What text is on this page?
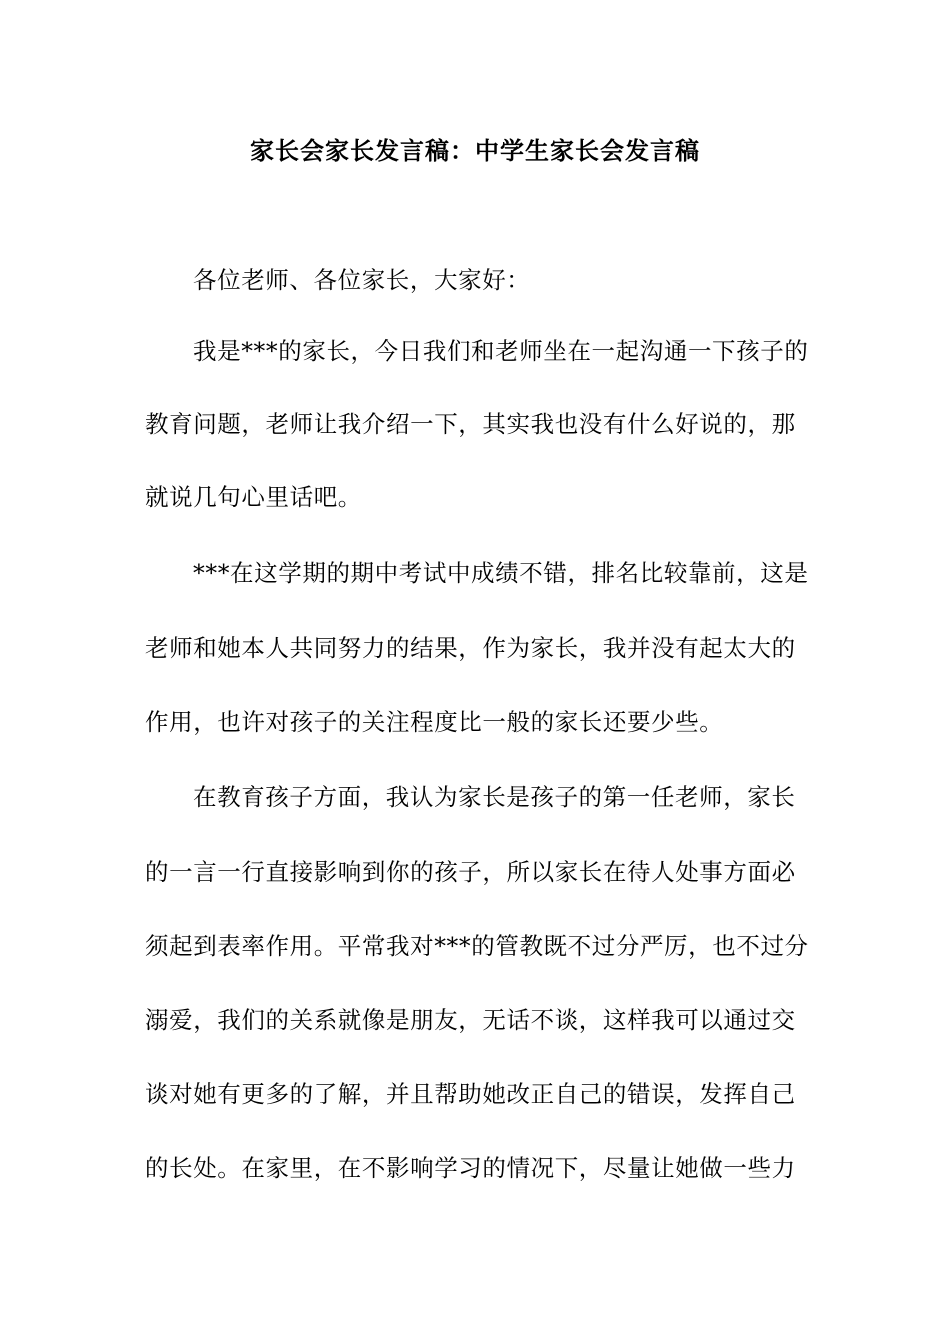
家长会家长发言稿：中学生家长会发言稿
各位老师、各位家长，大家好：
我是***的家长，今日我们和老师坐在一起沟通一下孩子的
教育问题，老师让我介绍一下，其实我也没有什么好说的，那
就说几句心里话吧。
***在这学期的期中考试中成绩不错，排名比较靠前，这是
老师和她本人共同努力的结果，作为家长，我并没有起太大的
作用，也许对孩子的关注程度比一般的家长还要少些。
在教育孩子方面，我认为家长是孩子的第一任老师，家长
的一言一行直接影响到你的孩子，所以家长在待人处事方面必
须起到表率作用。平常我对***的管教既不过分严厉，也不过分
溺爱，我们的关系就像是朋友，无话不谈，这样我可以通过交
谈对她有更多的了解，并且帮助她改正自己的错误，发挥自己
的长处。在家里，在不影响学习的情况下，尽量让她做一些力
